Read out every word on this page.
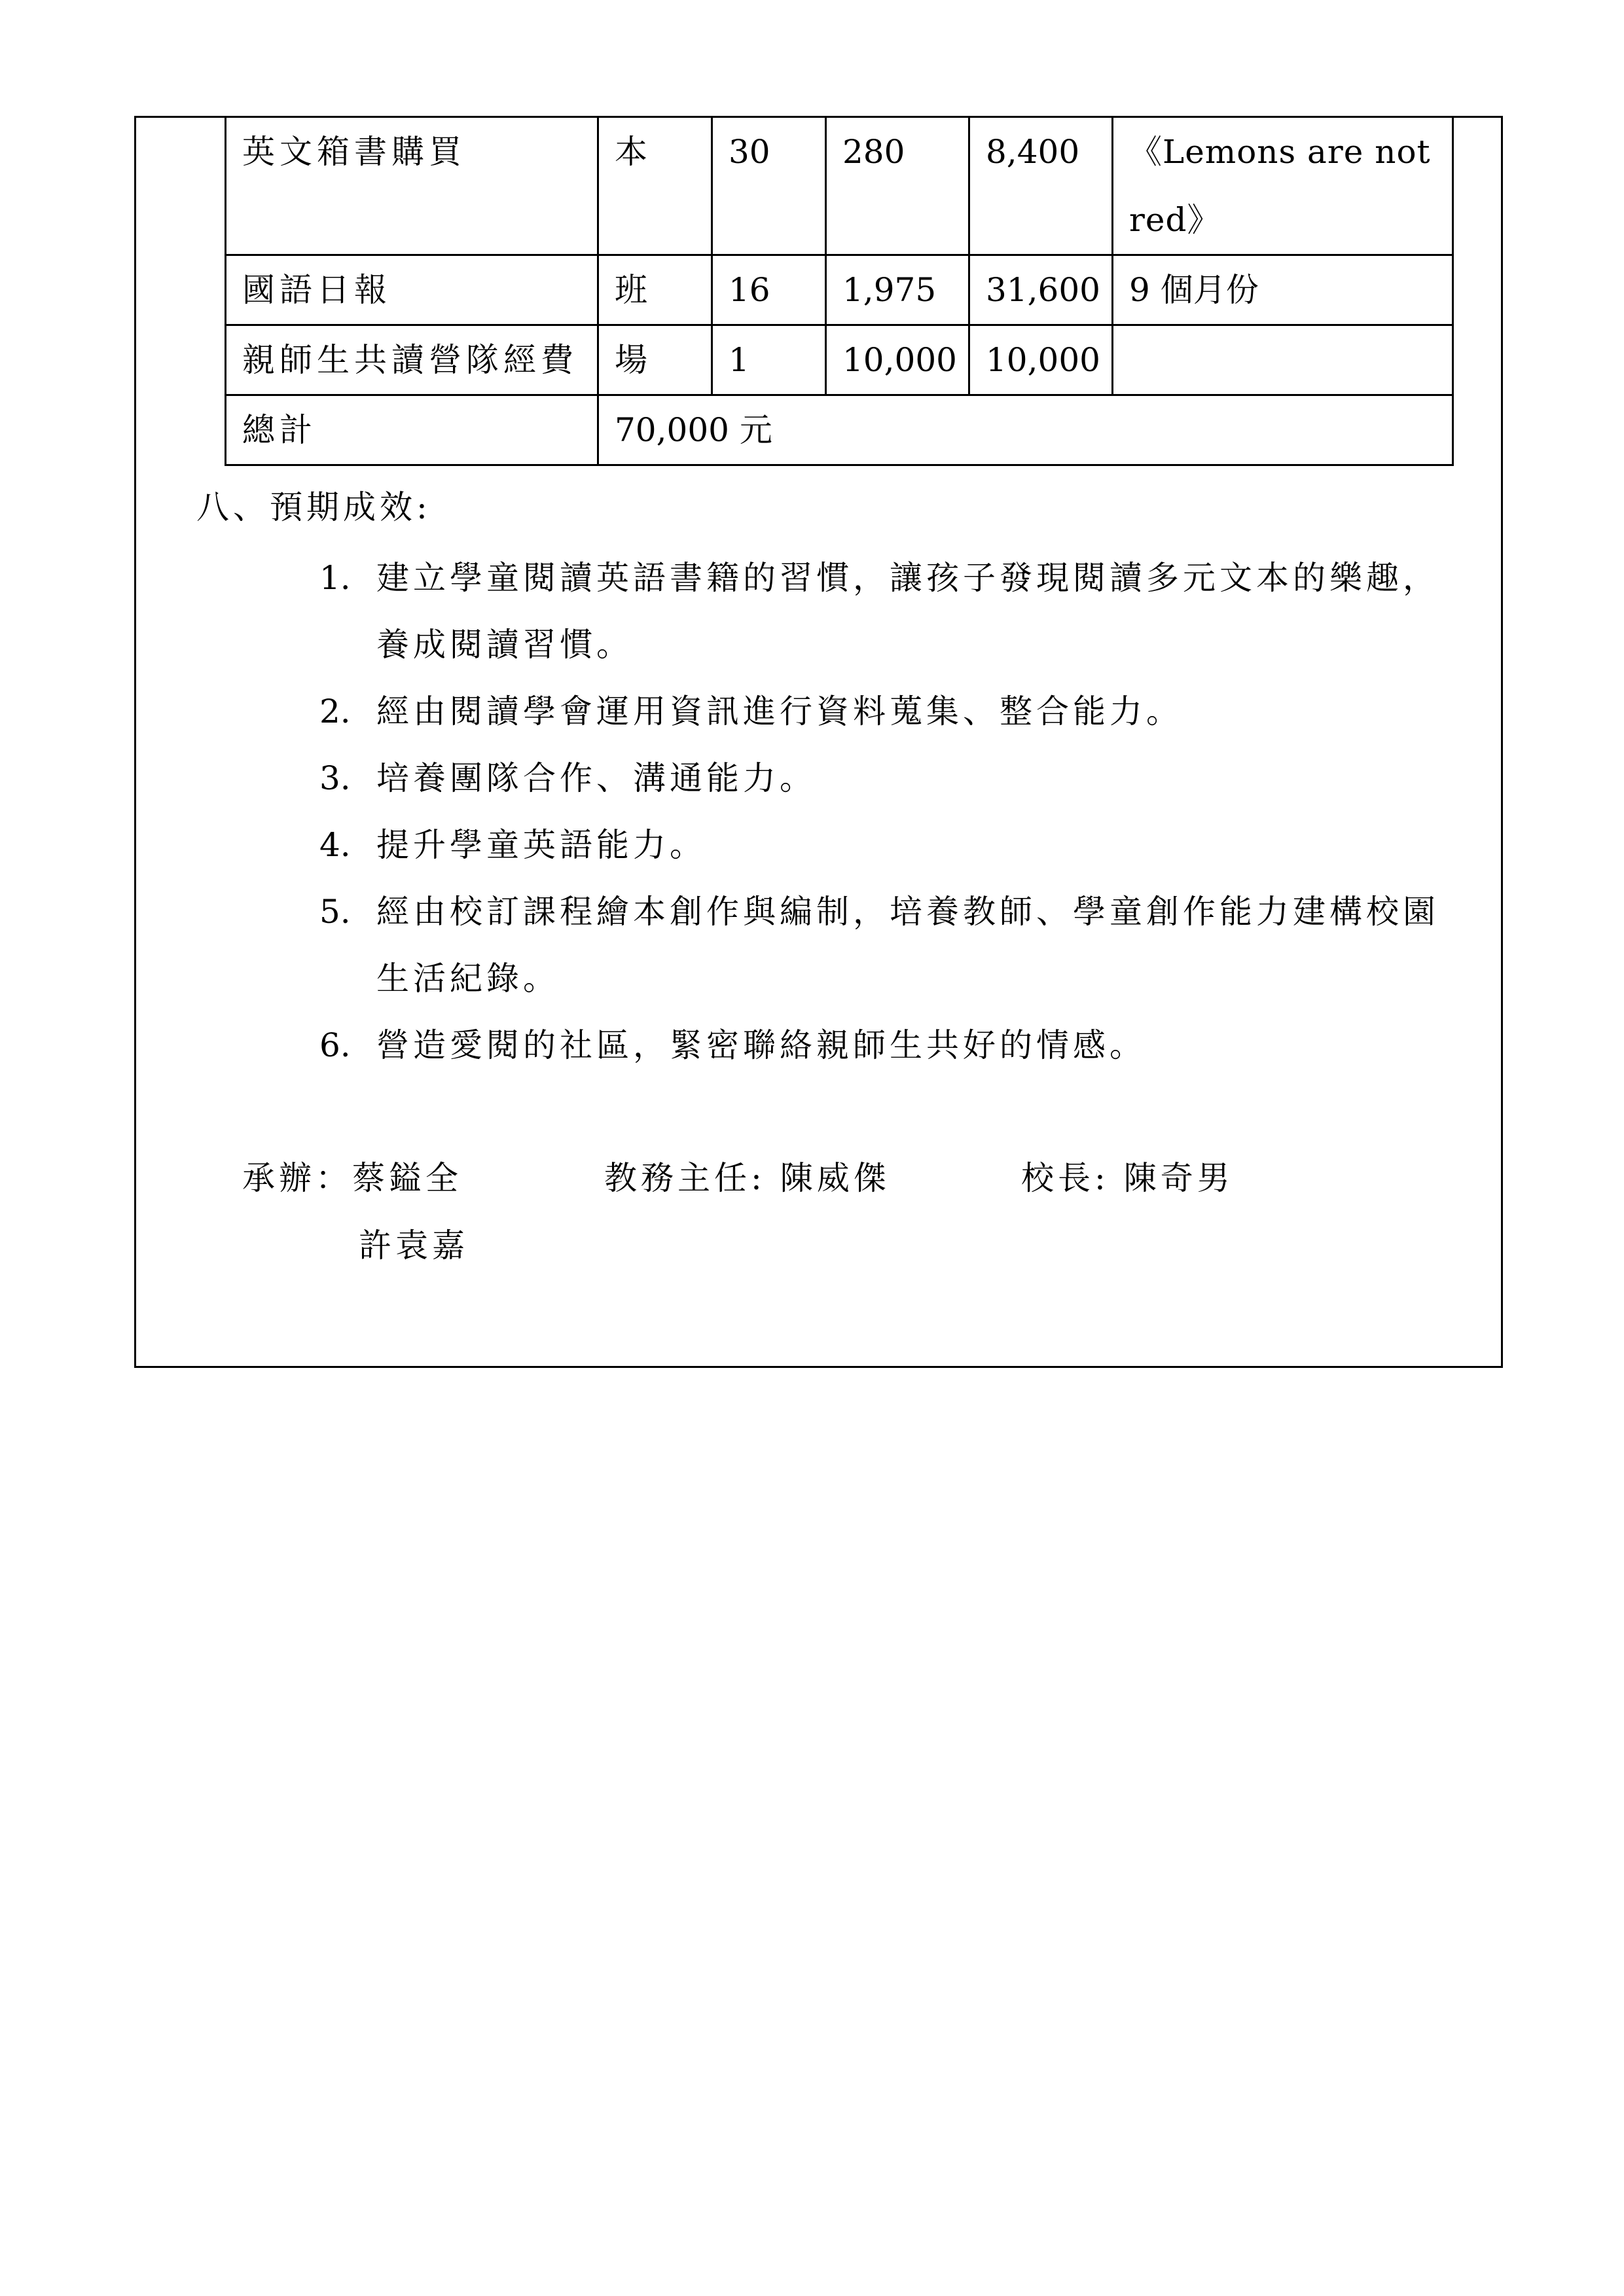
英文箱書購買	本	30	280	8,400	《Lemons are not red》
國語日報	班	16	1,975	31,600	9 個月份
親師生共讀營隊經費	場	1	10,000	10,000	
總計	70,000 元				
八、預期成效:
1. 建立學童閱讀英語書籍的習慣，讓孩子發現閱讀多元文本的樂趣，養成閱讀習慣。
2. 經由閱讀學會運用資訊進行資料蒐集、整合能力。
3. 培養團隊合作、溝通能力。
4. 提升學童英語能力。
5. 經由校訂課程繪本創作與編制，培養教師、學童創作能力建構校園生活紀錄。
6. 營造愛閱的社區，緊密聯絡親師生共好的情感。
承辦：蔡鎰全	教務主任: 陳威傑	校長: 陳奇男
許袁嘉
